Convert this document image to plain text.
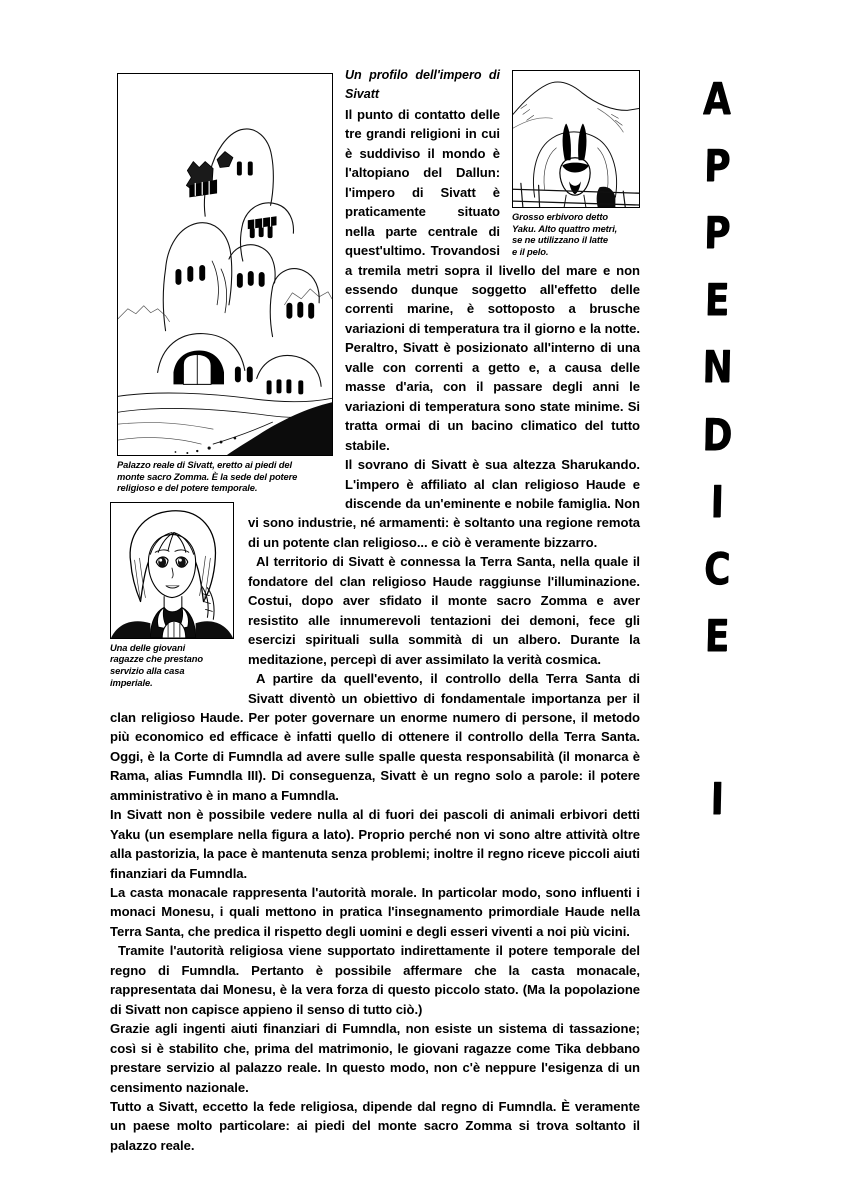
Palazzo reale di Sivatt, eretto ai piedi del
monte sacro Zomma. È la sede del potere
religioso e del potere temporale.
Grosso erbivoro detto
Yaku. Alto quattro metri,
se ne utilizzano il latte
e il pelo.
Una delle giovani
ragazze che prestano
servizio alla casa
imperiale.

Un profilo dell'impero di Sivatt

Il punto di contatto delle tre grandi religioni in cui è suddiviso il mondo è l'altopiano del Dallun: l'impero di Sivatt è praticamente situato nella parte centrale di quest'ultimo. Trovandosi a tremila metri sopra il livello del mare e non essendo dunque soggetto all'effetto delle correnti marine, è sottoposto a brusche variazioni di temperatura tra il giorno e la notte. Peraltro, Sivatt è posizionato all'interno di una valle con correnti a getto e, a causa delle masse d'aria, con il passare degli anni le variazioni di temperatura sono state minime. Si tratta ormai di un bacino climatico del tutto stabile.

Il sovrano di Sivatt è sua altezza Sharukando. L'impero è affiliato al clan religioso Haude e discende da un'eminente e nobile famiglia. Non vi sono industrie, né armamenti: è soltanto una regione remota di un potente clan religioso... e ciò è veramente bizzarro.

Al territorio di Sivatt è connessa la Terra Santa, nella quale il fondatore del clan religioso Haude raggiunse l'illuminazione. Costui, dopo aver sfidato il monte sacro Zomma e aver resistito alle innumerevoli tentazioni dei demoni, fece gli esercizi spirituali sulla sommità di un albero. Durante la meditazione, percepì di aver assimilato la verità cosmica.

A partire da quell'evento, il controllo della Terra Santa di Sivatt diventò un obiettivo di fondamentale importanza per il clan religioso Haude. Per poter governare un enorme numero di persone, il metodo più economico ed efficace è infatti quello di ottenere il controllo della Terra Santa. Oggi, è la Corte di Fumndla ad avere sulle spalle questa responsabilità (il monarca è Rama, alias Fumndla III). Di conseguenza, Sivatt è un regno solo a parole: il potere amministrativo è in mano a Fumndla.

In Sivatt non è possibile vedere nulla al di fuori dei pascoli di animali erbivori detti Yaku (un esemplare nella figura a lato). Proprio perché non vi sono altre attività oltre alla pastorizia, la pace è mantenuta senza problemi; inoltre il regno riceve piccoli aiuti finanziari da Fumndla.

La casta monacale rappresenta l'autorità morale. In particolar modo, sono influenti i monaci Monesu, i quali mettono in pratica l'insegnamento primordiale Haude nella Terra Santa, che predica il rispetto degli uomini e degli esseri viventi a noi più vicini.

Tramite l'autorità religiosa viene supportato indirettamente il potere temporale del regno di Fumndla. Pertanto è possibile affermare che la casta monacale, rappresentata dai Monesu, è la vera forza di questo piccolo stato. (Ma la popolazione di Sivatt non capisce appieno il senso di tutto ciò.)

Grazie agli ingenti aiuti finanziari di Fumndla, non esiste un sistema di tassazione; così si è stabilito che, prima del matrimonio, le giovani ragazze come Tika debbano prestare servizio al palazzo reale. In questo modo, non c'è neppure l'esigenza di un censimento nazionale.

Tutto a Sivatt, eccetto la fede religiosa, dipende dal regno di Fumndla. È veramente un paese molto particolare: ai piedi del monte sacro Zomma si trova soltanto il palazzo reale.

A
P
P
E
N
D
I
C
E
I
